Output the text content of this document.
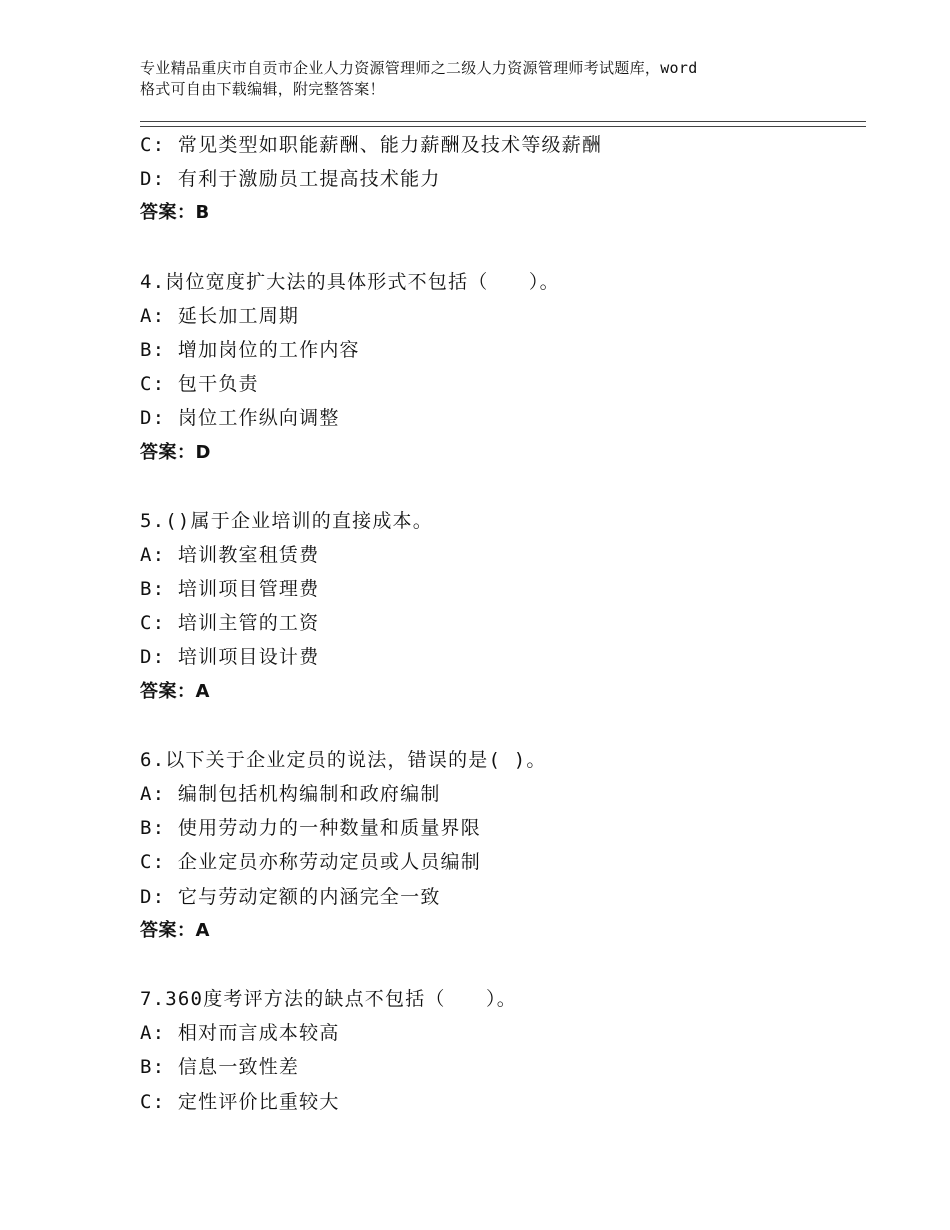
专业精品重庆市自贡市企业人力资源管理师之二级人力资源管理师考试题库，word
格式可自由下载编辑，附完整答案！
C: 常见类型如职能薪酬、能力薪酬及技术等级薪酬
D: 有利于激励员工提高技术能力
答案：B
4.岗位宽度扩大法的具体形式不包括（　　）。
A: 延长加工周期
B: 增加岗位的工作内容
C: 包干负责
D: 岗位工作纵向调整
答案：D
5.()属于企业培训的直接成本。
A: 培训教室租赁费
B: 培训项目管理费
C: 培训主管的工资
D: 培训项目设计费
答案：A
6.以下关于企业定员的说法，错误的是( )。
A: 编制包括机构编制和政府编制
B: 使用劳动力的一种数量和质量界限
C: 企业定员亦称劳动定员或人员编制
D: 它与劳动定额的内涵完全一致
答案：A
7.360度考评方法的缺点不包括（　　）。
A: 相对而言成本较高
B: 信息一致性差
C: 定性评价比重较大
